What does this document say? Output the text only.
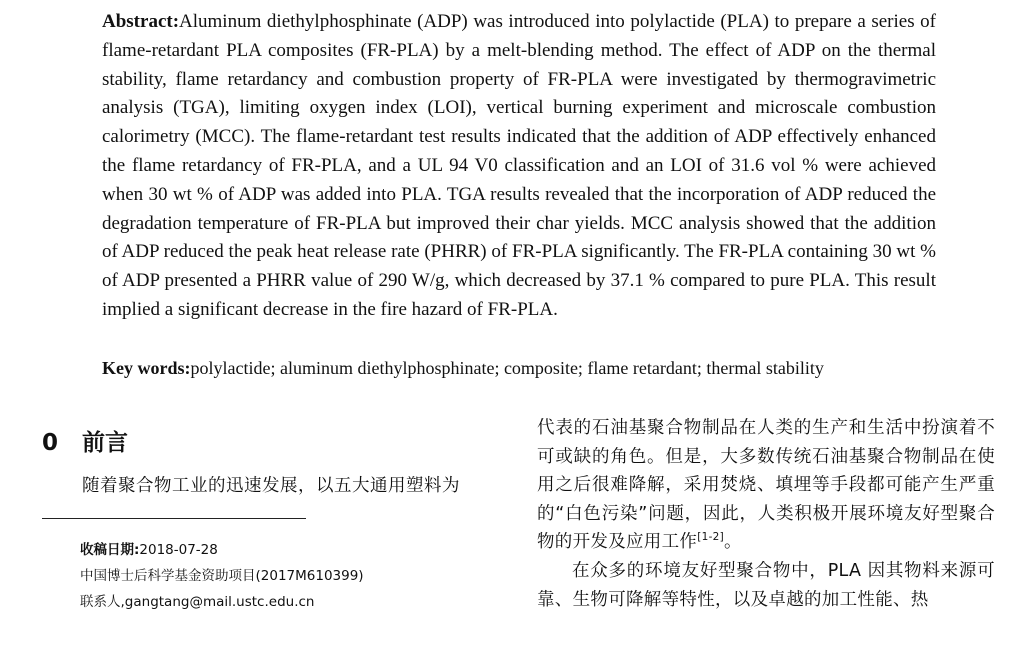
Abstract:Aluminum diethylphosphinate (ADP) was introduced into polylactide (PLA) to prepare a series of flame-retardant PLA composites (FR-PLA) by a melt-blending method. The effect of ADP on the thermal stability, flame retardancy and combustion property of FR-PLA were investigated by thermogravimetric analysis (TGA), limiting oxygen index (LOI), vertical burning experiment and microscale combustion calorimetry (MCC). The flame-retardant test results indicated that the addition of ADP effectively enhanced the flame retardancy of FR-PLA, and a UL 94 V0 classification and an LOI of 31.6 vol % were achieved when 30 wt % of ADP was added into PLA. TGA results revealed that the incorporation of ADP reduced the degradation temperature of FR-PLA but improved their char yields. MCC analysis showed that the addition of ADP reduced the peak heat release rate (PHRR) of FR-PLA significantly. The FR-PLA containing 30 wt % of ADP presented a PHRR value of 290 W/g, which decreased by 37.1 % compared to pure PLA. This result implied a significant decrease in the fire hazard of FR-PLA.
Key words:polylactide; aluminum diethylphosphinate; composite; flame retardant; thermal stability
0 前言
随着聚合物工业的迅速发展，以五大通用塑料为
收稿日期:2018-07-28
中国博士后科学基金资助项目(2017M610399)
联系人,gangtang@mail.ustc.edu.cn

代表的石油基聚合物制品在人类的生产和生活中扮演着不可或缺的角色。但是，大多数传统石油基聚合物制品在使用之后很难降解，采用焚烧、填埋等手段都可能产生严重的“白色污染”问题，因此，人类积极开展环境友好型聚合物的开发及应用工作[1-2]。

在众多的环境友好型聚合物中，PLA 因其物料来源可靠、生物可降解等特性，以及卓越的加工性能、热
